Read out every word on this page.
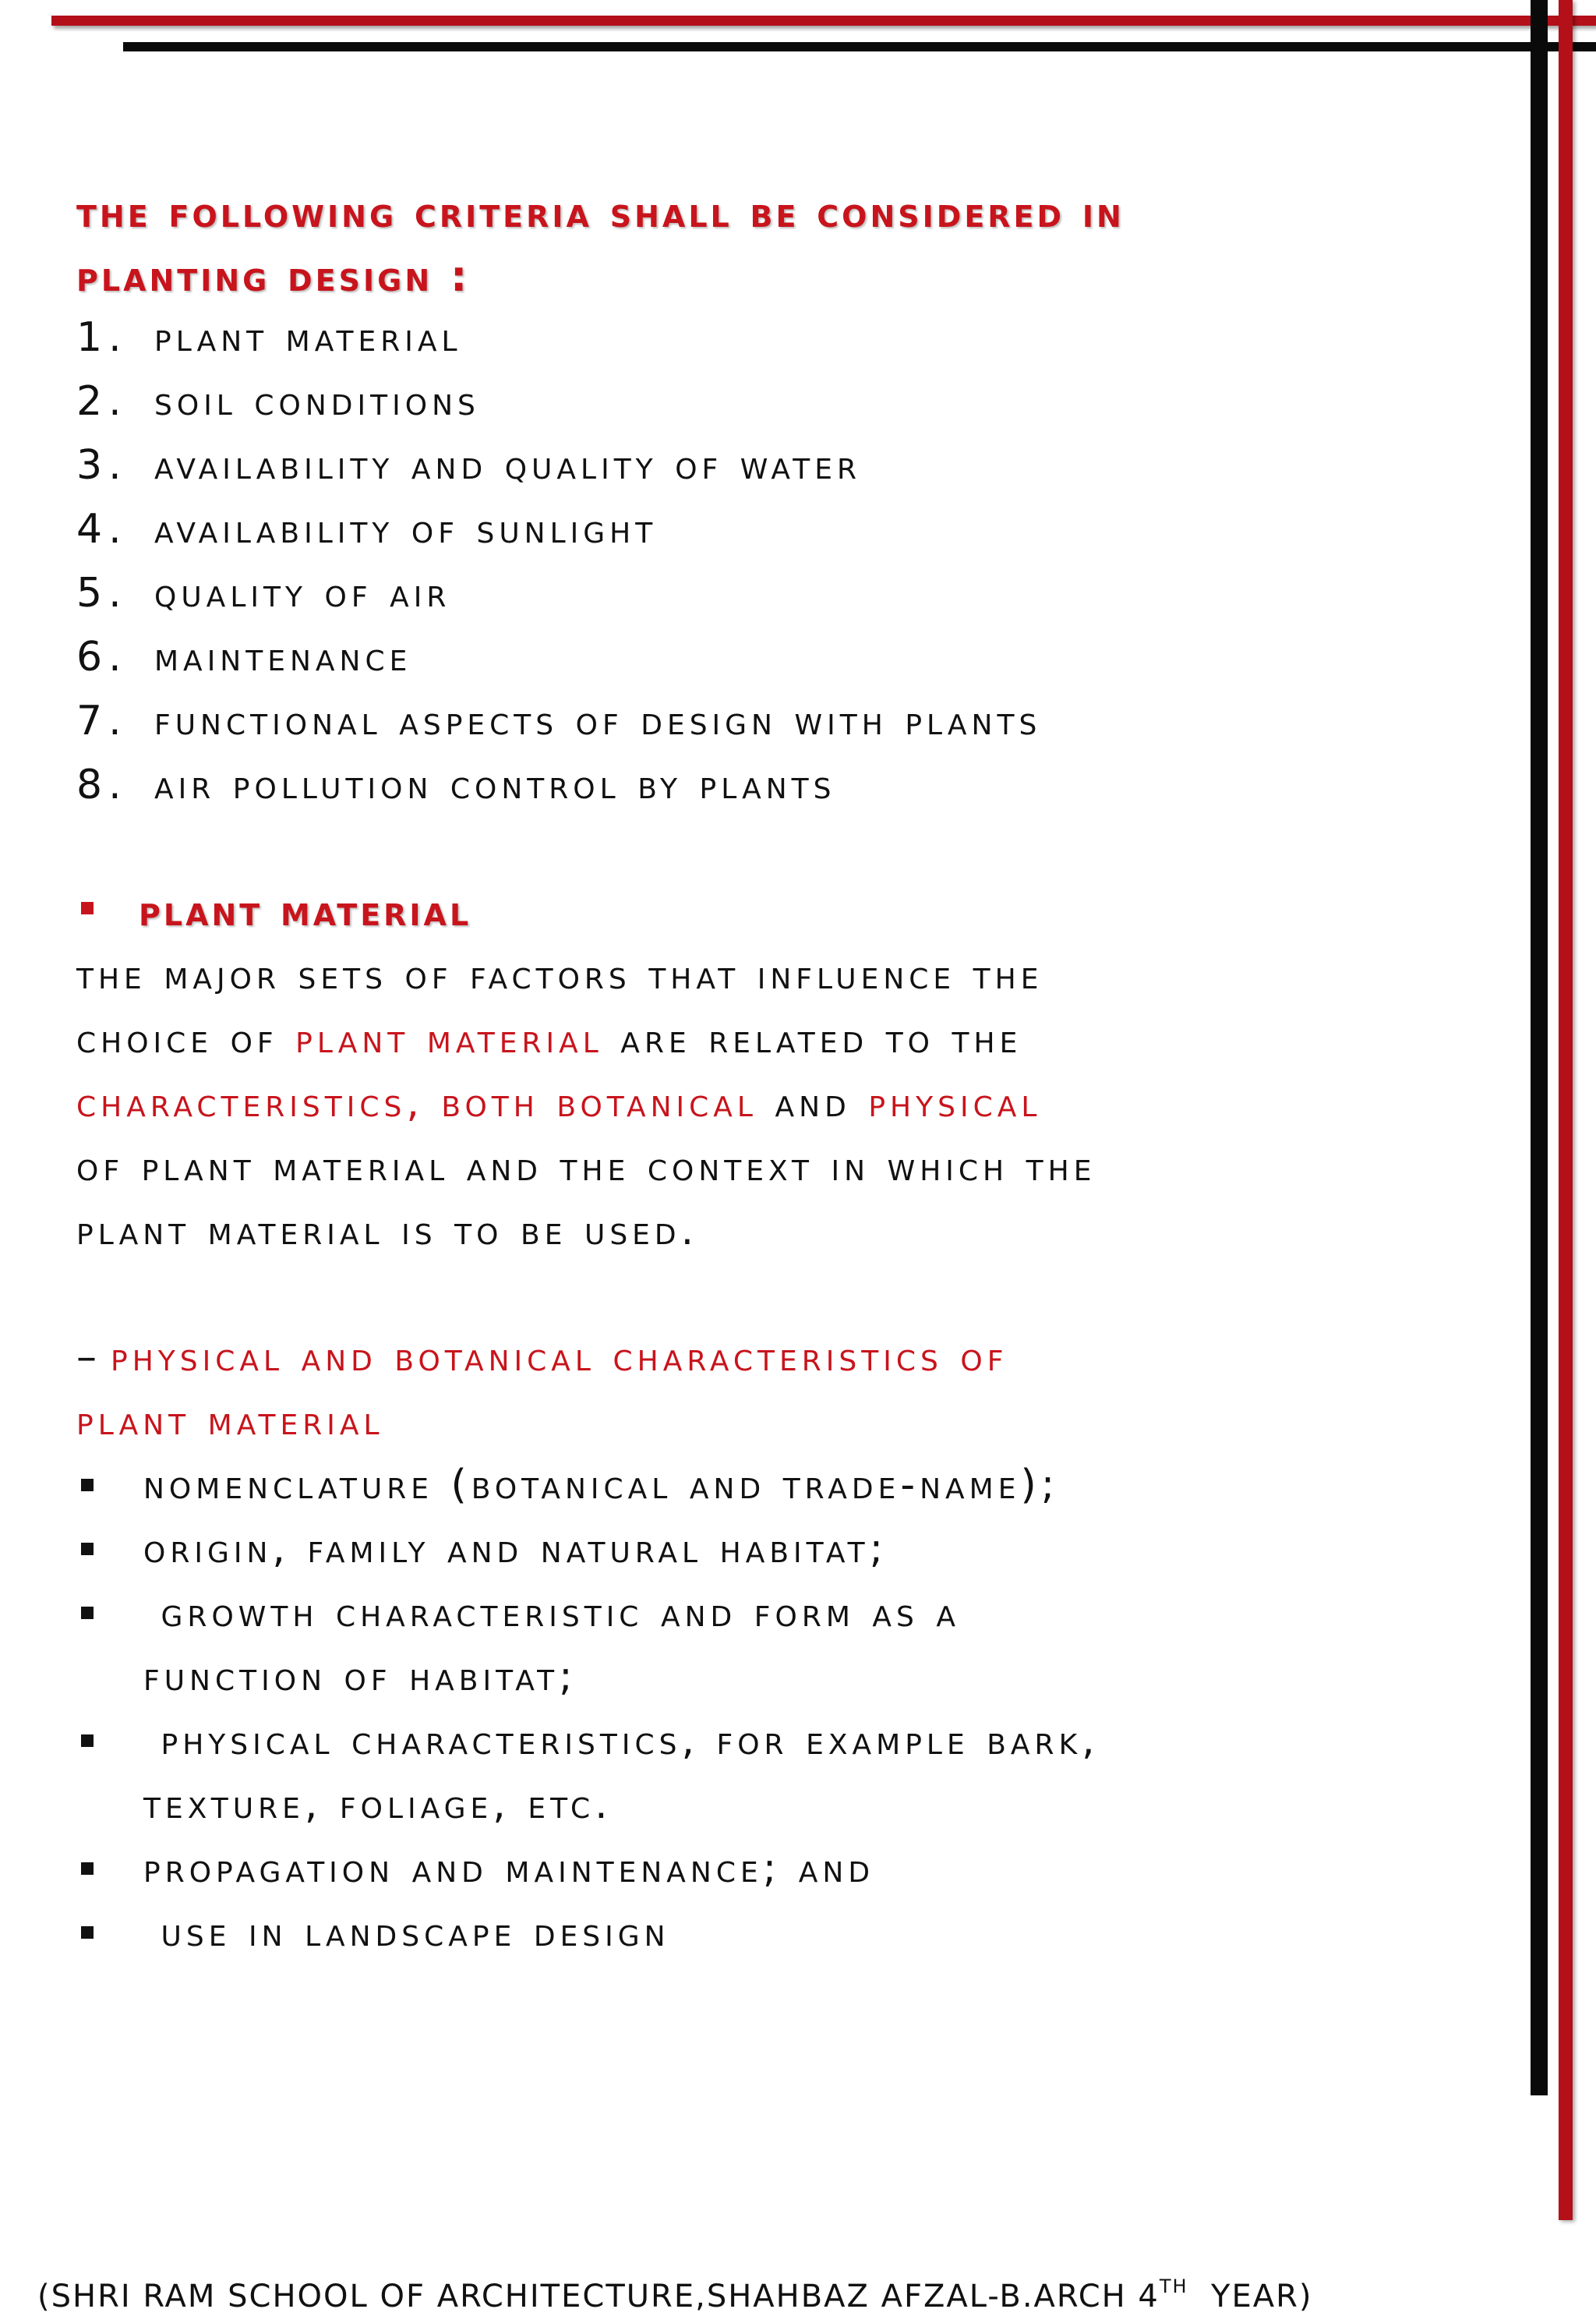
the following criteria shall be considered in
planting design :
1. plant material
2. soil conditions
3. availability and quality of water
4. availability of sunlight
5. quality of air
6. maintenance
7. functional aspects of design with plants
8. air pollution control by plants
plant material
the major sets of factors that influence the
choice of plant material are related to the
characteristics, both botanical and physical
of plant material and the context in which the
plant material is to be used.
– physical and botanical characteristics of
plant material
nomenclature (botanical and trade-name);
origin, family and natural habitat;
growth characteristic and form as a
function of habitat;
physical characteristics, for example bark,
texture, foliage, etc.
propagation and maintenance; and
use in landscape design
(SHRI RAM SCHOOL OF ARCHITECTURE,SHAHBAZ AFZAL-B.ARCH 4TH  YEAR)
